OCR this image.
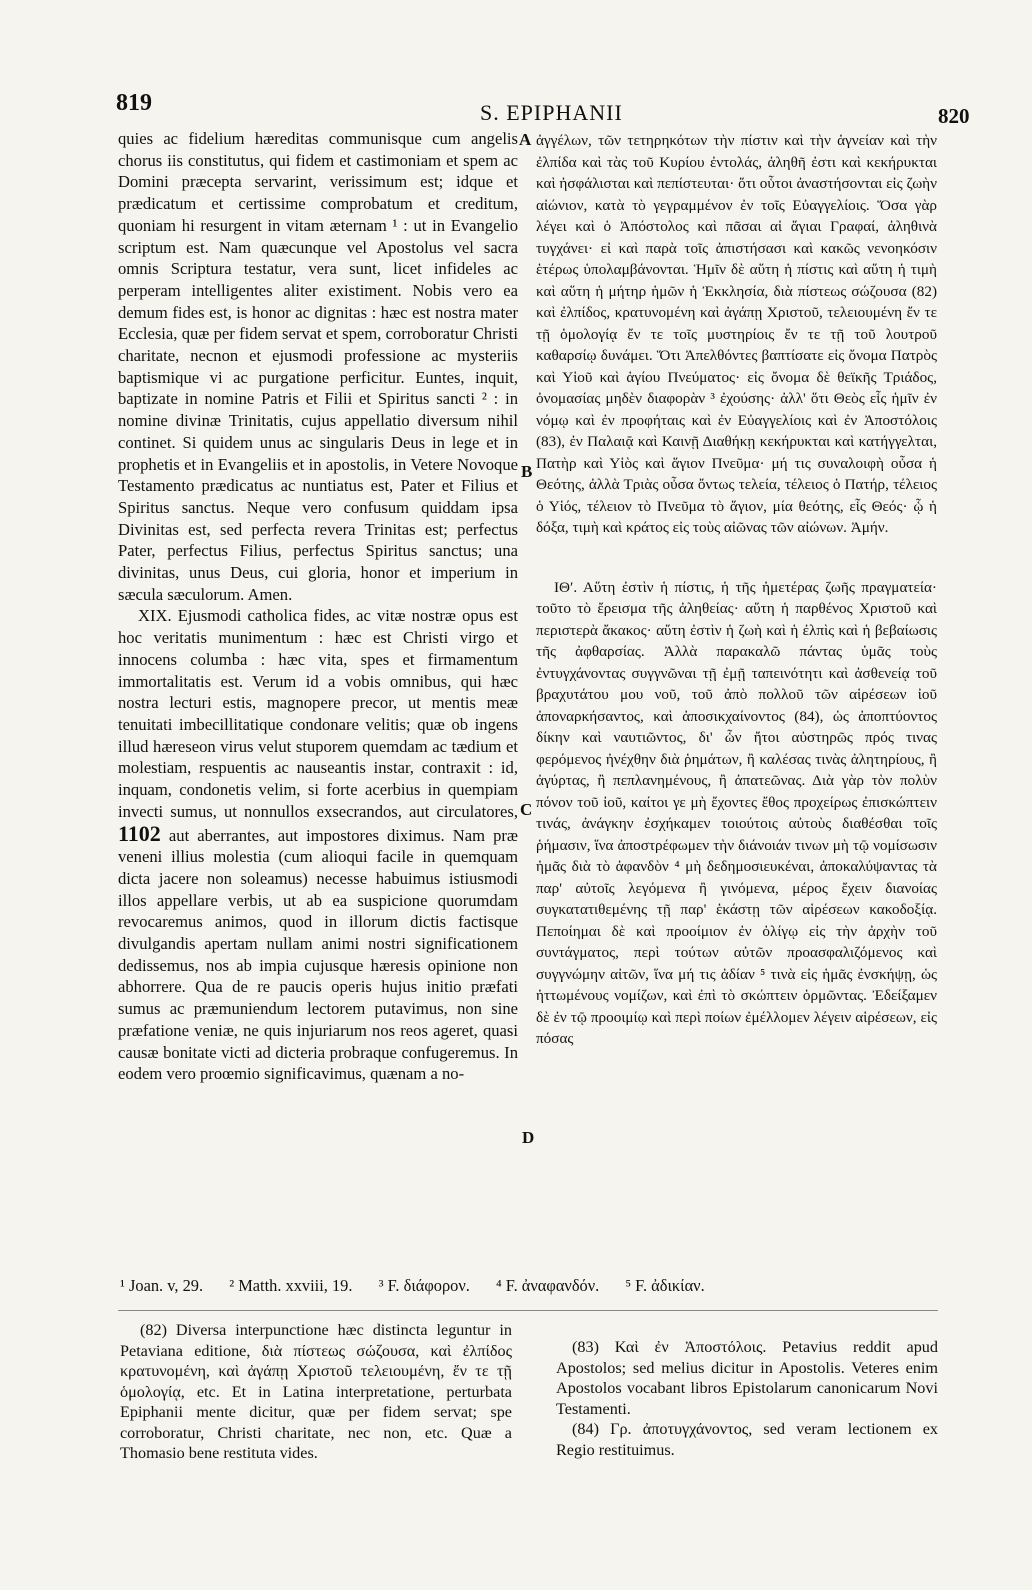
819	S. EPIPHANII	820
A
B
C
D

quies ac fidelium hæreditas communisque cum angelis chorus iis constitutus, qui fidem et castimoniam et spem ac Domini præcepta servarint, verissimum est; idque et prædicatum et certissime comprobatum et creditum, quoniam hi resurgent in vitam æternam ¹ : ut in Evangelio scriptum est. Nam quæcunque vel Apostolus vel sacra omnis Scriptura testatur, vera sunt, licet infideles ac perperam intelligentes aliter existiment. Nobis vero ea demum fides est, is honor ac dignitas : hæc est nostra mater Ecclesia, quæ per fidem servat et spem, corroboratur Christi charitate, necnon et ejusmodi professione ac mysteriis baptismique vi ac purgatione perficitur. Euntes, inquit, baptizate in nomine Patris et Filii et Spiritus sancti ² : in nomine divinæ Trinitatis, cujus appellatio diversum nihil continet. Si quidem unus ac singularis Deus in lege et in prophetis et in Evangeliis et in apostolis, in Vetere Novoque Testamento prædicatus ac nuntiatus est, Pater et Filius et Spiritus sanctus. Neque vero confusum quiddam ipsa Divinitas est, sed perfecta revera Trinitas est; perfectus Pater, perfectus Filius, perfectus Spiritus sanctus; una divinitas, unus Deus, cui gloria, honor et imperium in sæcula sæculorum. Amen.

XIX. Ejusmodi catholica fides, ac vitæ nostræ opus est hoc veritatis munimentum : hæc est Christi virgo et innocens columba : hæc vita, spes et firmamentum immortalitatis est. Verum id a vobis omnibus, qui hæc nostra lecturi estis, magnopere precor, ut mentis meæ tenuitati imbecillitatique condonare velitis; quæ ob ingens illud hæreseon virus velut stuporem quemdam ac tædium et molestiam, respuentis ac nauseantis instar, contraxit : id, inquam, condonetis velim, si forte acerbius in quempiam invecti sumus, ut nonnullos exsecrandos, aut circulatores, 1102 aut aberrantes, aut impostores diximus. Nam præ veneni illius molestia (cum alioqui facile in quemquam dicta jacere non soleamus) necesse habuimus istiusmodi illos appellare verbis, ut ab ea suspicione quorumdam revocaremus animos, quod in illorum dictis factisque divulgandis apertam nullam animi nostri significationem dedissemus, nos ab impia cujusque hæresis opinione non abhorrere. Qua de re paucis operis hujus initio præfati sumus ac præmuniendum lectorem putavimus, non sine præfatione veniæ, ne quis injuriarum nos reos ageret, quasi causæ bonitate victi ad dicteria probraque confugeremus. In eodem vero proœmio significavimus, quænam a no-

ἀγγέλων, τῶν τετηρηκότων τὴν πίστιν καὶ τὴν ἁγνείαν καὶ τὴν ἐλπίδα καὶ τὰς τοῦ Κυρίου ἐντολάς, ἀληθῆ ἐστι καὶ κεκήρυκται καὶ ἠσφάλισται καὶ πεπίστευται· ὅτι οὗτοι ἀναστήσονται εἰς ζωὴν αἰώνιον, κατὰ τὸ γεγραμμένον ἐν τοῖς Εὐαγγελίοις. Ὅσα γὰρ λέγει καὶ ὁ Ἀπόστολος καὶ πᾶσαι αἱ ἅγιαι Γραφαί, ἀληθινὰ τυγχάνει· εἰ καὶ παρὰ τοῖς ἀπιστήσασι καὶ κακῶς νενοηκόσιν ἑτέρως ὑπολαμβάνονται. Ἡμῖν δὲ αὕτη ἡ πίστις καὶ αὕτη ἡ τιμὴ καὶ αὕτη ἡ μήτηρ ἡμῶν ἡ Ἐκκλησία, διὰ πίστεως σώζουσα (82) καὶ ἐλπίδος, κρατυνομένη καὶ ἀγάπῃ Χριστοῦ, τελειουμένη ἔν τε τῇ ὁμολογίᾳ ἔν τε τοῖς μυστηρίοις ἔν τε τῇ τοῦ λουτροῦ καθαρσίῳ δυνάμει. Ὅτι Ἀπελθόντες βαπτίσατε εἰς ὄνομα Πατρὸς καὶ Υἱοῦ καὶ ἁγίου Πνεύματος· εἰς ὄνομα δὲ θεϊκῆς Τριάδος, ὀνομασίας μηδὲν διαφορὰν ³ ἐχούσης· ἀλλ' ὅτι Θεὸς εἷς ἡμῖν ἐν νόμῳ καὶ ἐν προφήταις καὶ ἐν Εὐαγγελίοις καὶ ἐν Ἀποστόλοις (83), ἐν Παλαιᾷ καὶ Καινῇ Διαθήκῃ κεκήρυκται καὶ κατήγγελται, Πατὴρ καὶ Υἱὸς καὶ ἅγιον Πνεῦμα· μή τις συναλοιφὴ οὖσα ἡ Θεότης, ἀλλὰ Τριὰς οὖσα ὄντως τελεία, τέλειος ὁ Πατήρ, τέλειος ὁ Υἱός, τέλειον τὸ Πνεῦμα τὸ ἅγιον, μία θεότης, εἷς Θεός· ᾧ ἡ δόξα, τιμὴ καὶ κράτος εἰς τοὺς αἰῶνας τῶν αἰώνων. Ἀμήν.

ΙΘʹ. Αὕτη ἐστὶν ἡ πίστις, ἡ τῆς ἡμετέρας ζωῆς πραγματεία· τοῦτο τὸ ἔρεισμα τῆς ἀληθείας· αὕτη ἡ παρθένος Χριστοῦ καὶ περιστερὰ ἄκακος· αὕτη ἐστὶν ἡ ζωὴ καὶ ἡ ἐλπὶς καὶ ἡ βεβαίωσις τῆς ἀφθαρσίας. Ἀλλὰ παρακαλῶ πάντας ὑμᾶς τοὺς ἐντυγχάνοντας συγγνῶναι τῇ ἐμῇ ταπεινότητι καὶ ἀσθενείᾳ τοῦ βραχυτάτου μου νοῦ, τοῦ ἀπὸ πολλοῦ τῶν αἱρέσεων ἰοῦ ἀποναρκήσαντος, καὶ ἀποσικχαίνοντος (84), ὡς ἀποπτύοντος δίκην καὶ ναυτιῶντος, δι' ὧν ἤτοι αὐστηρῶς πρός τινας φερόμενος ἠνέχθην διὰ ῥημάτων, ἢ καλέσας τινὰς ἀλητηρίους, ἢ ἀγύρτας, ἢ πεπλανημένους, ἢ ἀπατεῶνας. Διὰ γὰρ τὸν πολὺν πόνον τοῦ ἰοῦ, καίτοι γε μὴ ἔχοντες ἔθος προχείρως ἐπισκώπτειν τινάς, ἀνάγκην ἐσχήκαμεν τοιούτοις αὐτοὺς διαθέσθαι τοῖς ῥήμασιν, ἵνα ἀποστρέφωμεν τὴν διάνοιάν τινων μὴ τῷ νομίσωσιν ἡμᾶς διὰ τὸ ἀφανδὸν ⁴ μὴ δεδημοσιευκέναι, ἀποκαλύψαντας τὰ παρ' αὐτοῖς λεγόμενα ἢ γινόμενα, μέρος ἔχειν διανοίας συγκατατιθεμένης τῇ παρ' ἑκάστῃ τῶν αἱρέσεων κακοδοξίᾳ. Πεποίημαι δὲ καὶ προοίμιον ἐν ὀλίγῳ εἰς τὴν ἀρχὴν τοῦ συντάγματος, περὶ τούτων αὐτῶν προασφαλιζόμενος καὶ συγγνώμην αἰτῶν, ἵνα μή τις ἀδίαν ⁵ τινὰ εἰς ἡμᾶς ἐνσκήψῃ, ὡς ἡττωμένους νομίζων, καὶ ἐπὶ τὸ σκώπτειν ὁρμῶντας. Ἐδείξαμεν δὲ ἐν τῷ προοιμίῳ καὶ περὶ ποίων ἐμέλλομεν λέγειν αἱρέσεων, εἰς πόσας

¹ Joan. v, 29. ² Matth. xxviii, 19. ³ F. διάφορον. ⁴ F. ἀναφανδόν. ⁵ F. ἀδικίαν.

(82) Diversa interpunctione hæc distincta leguntur in Petaviana editione, διὰ πίστεως σώζουσα, καὶ ἐλπίδος κρατυνομένη, καὶ ἀγάπῃ Χριστοῦ τελειουμένη, ἔν τε τῇ ὁμολογίᾳ, etc. Et in Latina interpretatione, perturbata Epiphanii mente dicitur, quæ per fidem servat; spe corroboratur, Christi charitate, nec non, etc. Quæ a Thomasio bene restituta vides.

(83) Καὶ ἐν Ἀποστόλοις. Petavius reddit apud Apostolos; sed melius dicitur in Apostolis. Veteres enim Apostolos vocabant libros Epistolarum canonicarum Novi Testamenti.

(84) Γρ. ἀποτυγχάνοντος, sed veram lectionem ex Regio restituimus.
